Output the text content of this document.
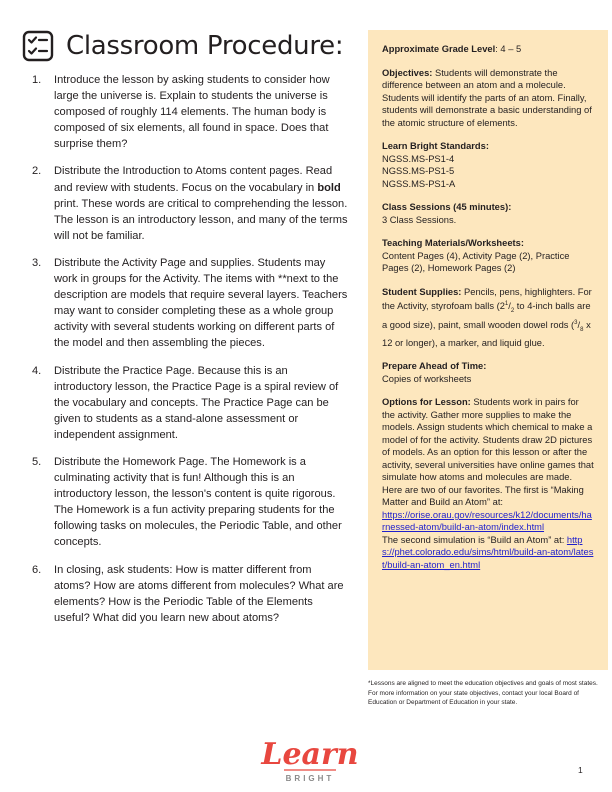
Classroom Procedure:
1.	Introduce the lesson by asking students to consider how large the universe is. Explain to students the universe is composed of roughly 114 elements. The human body is composed of six elements, all found in space. Does that surprise them?
2.	Distribute the Introduction to Atoms content pages. Read and review with students. Focus on the vocabulary in bold print. These words are critical to comprehending the lesson. The lesson is an introductory lesson, and many of the terms will not be familiar.
3.	Distribute the Activity Page and supplies. Students may work in groups for the Activity. The items with **next to the description are models that require several layers. Teachers may want to consider completing these as a whole group activity with several students working on different parts of the model and then assembling the pieces.
4.	Distribute the Practice Page. Because this is an introductory lesson, the Practice Page is a spiral review of the vocabulary and concepts. The Practice Page can be given to students as a stand-alone assessment or independent assignment.
5.	Distribute the Homework Page. The Homework is a culminating activity that is fun! Although this is an introductory lesson, the lesson's content is quite rigorous. The Homework is a fun activity preparing students for the following tasks on molecules, the Periodic Table, and other concepts.
6.	In closing, ask students: How is matter different from atoms? How are atoms different from molecules? What are elements? How is the Periodic Table of the Elements useful? What did you learn new about atoms?
Approximate Grade Level: 4 – 5
Objectives: Students will demonstrate the difference between an atom and a molecule. Students will identify the parts of an atom. Finally, students will demonstrate a basic understanding of the atomic structure of elements.
Learn Bright Standards:
NGSS.MS-PS1-4
NGSS.MS-PS1-5
NGSS.MS-PS1-A
Class Sessions (45 minutes):
3 Class Sessions.
Teaching Materials/Worksheets:
Content Pages (4), Activity Page (2), Practice Pages (2), Homework Pages (2)
Student Supplies: Pencils, pens, highlighters. For the Activity, styrofoam balls ($2^1/_2$ to 4-inch balls are a good size), paint, small wooden dowel rods ($^3/_8$ x 12 or longer), a marker, and liquid glue.
Prepare Ahead of Time:
Copies of worksheets
Options for Lesson: Students work in pairs for the activity. Gather more supplies to make the models. Assign students which chemical to make a model of for the activity. Students draw 2D pictures of models. As an option for this lesson or after the activity, several universities have online games that simulate how atoms and molecules are made. Here are two of our favorites. The first is “Making Matter and Build an Atom” at:
https://orise.orau.gov/resources/k12/documents/harnessed-atom/build-an-atom/index.html
The second simulation is “Build an Atom” at: https://phet.colorado.edu/sims/html/build-an-atom/latest/build-an-atom_en.html

*Lessons are aligned to meet the education objectives and goals of most states. For more information on your state objectives, contact your local Board of Education or Department of Education in your state.

Learn
BRIGHT
1
